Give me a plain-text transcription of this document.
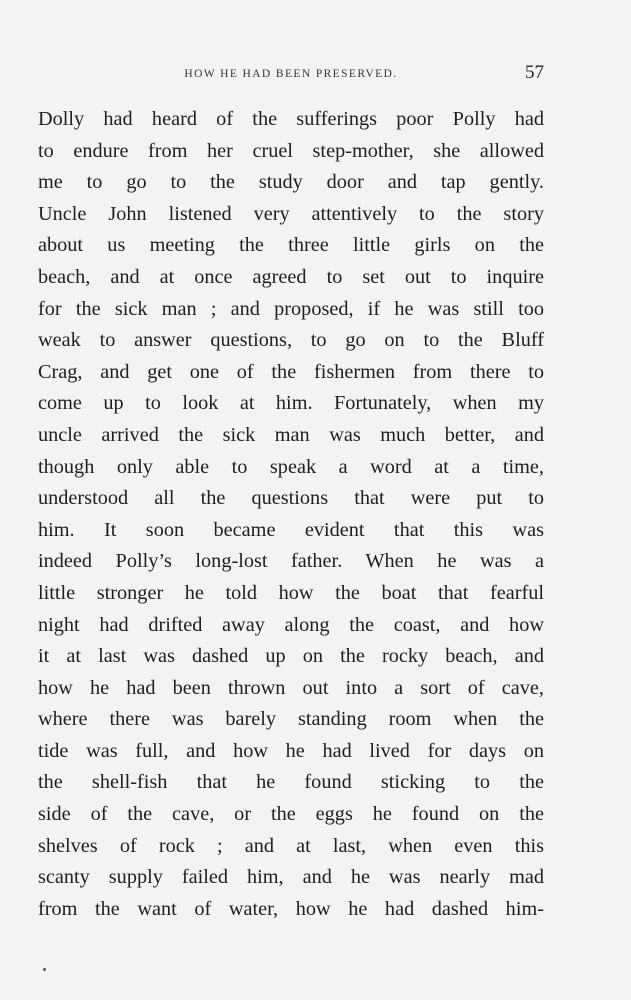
HOW HE HAD BEEN PRESERVED.	57
Dolly had heard of the sufferings poor Polly had
to endure from her cruel step-mother, she allowed
me to go to the study door and tap gently.
Uncle John listened very attentively to the story
about us meeting the three little girls on the
beach, and at once agreed to set out to inquire
for the sick man ; and proposed, if he was still too
weak to answer questions, to go on to the Bluff
Crag, and get one of the fishermen from there to
come up to look at him. Fortunately, when my
uncle arrived the sick man was much better, and
though only able to speak a word at a time,
understood all the questions that were put to
him. It soon became evident that this was
indeed Polly’s long-lost father. When he was a
little stronger he told how the boat that fearful
night had drifted away along the coast, and how
it at last was dashed up on the rocky beach, and
how he had been thrown out into a sort of cave,
where there was barely standing room when the
tide was full, and how he had lived for days on
the shell-fish that he found sticking to the
side of the cave, or the eggs he found on the
shelves of rock ; and at last, when even this
scanty supply failed him, and he was nearly mad
from the want of water, how he had dashed him-
